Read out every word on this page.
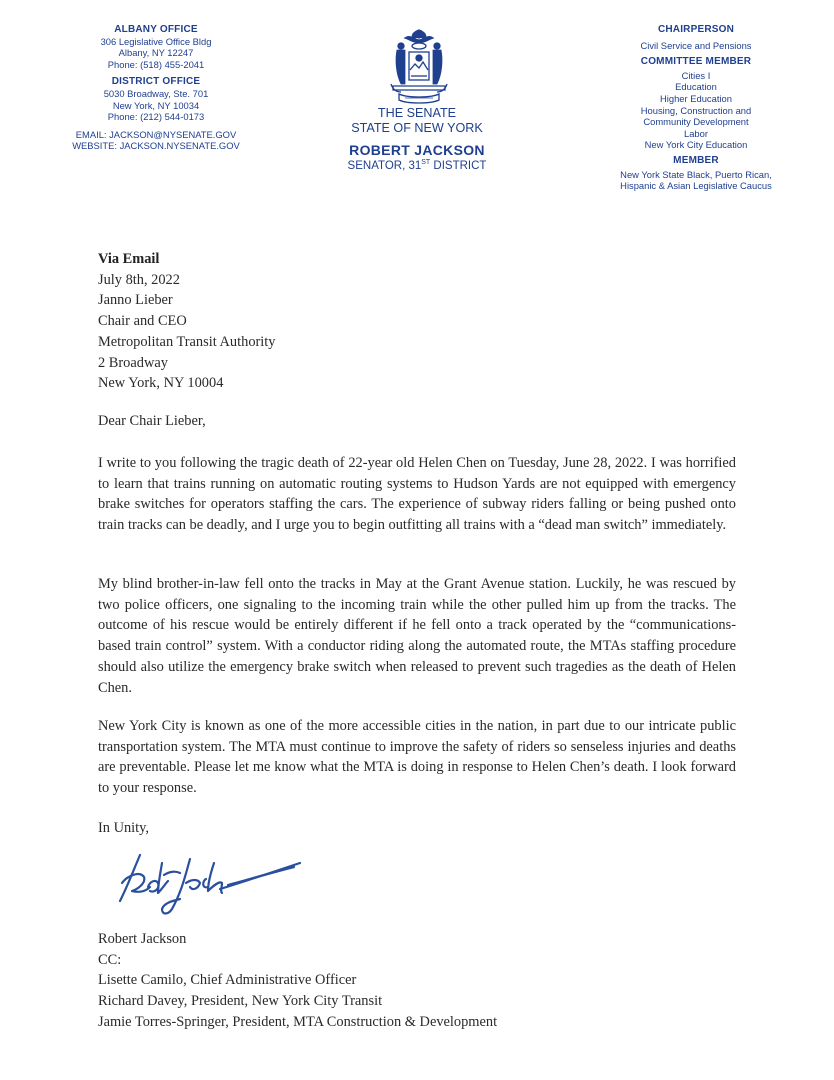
ALBANY OFFICE
306 Legislative Office Bldg
Albany, NY 12247
Phone: (518) 455-2041
DISTRICT OFFICE
5030 Broadway, Ste. 701
New York, NY 10034
Phone: (212) 544-0173
EMAIL: JACKSON@NYSENATE.GOV
WEBSITE: JACKSON.NYSENATE.GOV
THE SENATE
STATE OF NEW YORK
ROBERT JACKSON
SENATOR, 31ST DISTRICT
CHAIRPERSON
Civil Service and Pensions
COMMITTEE MEMBER
Cities I
Education
Higher Education
Housing, Construction and
Community Development
Labor
New York City Education
MEMBER
New York State Black, Puerto Rican,
Hispanic & Asian Legislative Caucus
Via Email
July 8th, 2022
Janno Lieber
Chair and CEO
Metropolitan Transit Authority
2 Broadway
New York, NY 10004
Dear Chair Lieber,

I write to you following the tragic death of 22-year old Helen Chen on Tuesday, June 28, 2022. I was horrified to learn that trains running on automatic routing systems to Hudson Yards are not equipped with emergency brake switches for operators staffing the cars. The experience of subway riders falling or being pushed onto train tracks can be deadly, and I urge you to begin outfitting all trains with a “dead man switch” immediately.

My blind brother-in-law fell onto the tracks in May at the Grant Avenue station. Luckily, he was rescued by two police officers, one signaling to the incoming train while the other pulled him up from the tracks. The outcome of his rescue would be entirely different if he fell onto a track operated by the “communications-based train control” system. With a conductor riding along the automated route, the MTAs staffing procedure should also utilize the emergency brake switch when released to prevent such tragedies as the death of Helen Chen.

New York City is known as one of the more accessible cities in the nation, in part due to our intricate public transportation system. The MTA must continue to improve the safety of riders so senseless injuries and deaths are preventable. Please let me know what the MTA is doing in response to Helen Chen’s death. I look forward to your response.

In Unity,
Robert Jackson
CC:
Lisette Camilo, Chief Administrative Officer
Richard Davey, President, New York City Transit
Jamie Torres-Springer, President, MTA Construction & Development
